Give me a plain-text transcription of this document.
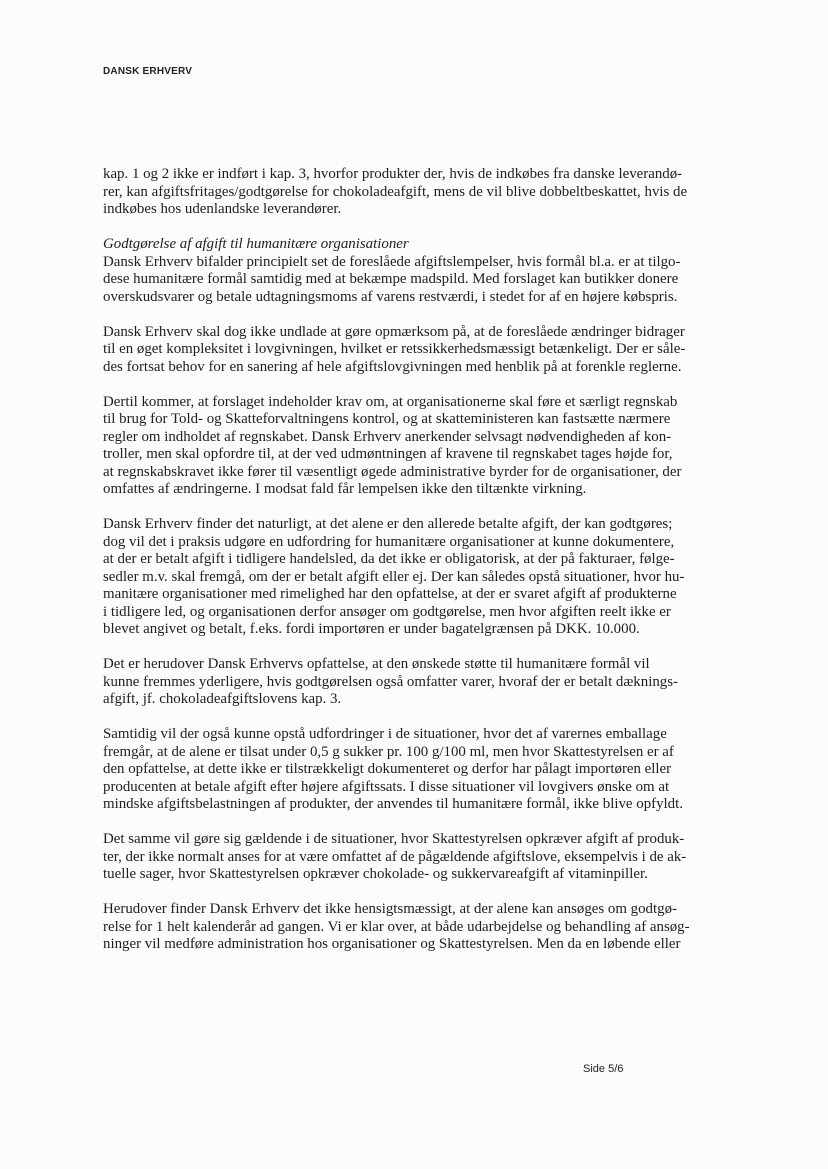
DANSK ERHVERV

kap. 1 og 2 ikke er indført i kap. 3, hvorfor produkter der, hvis de indkøbes fra danske leverandø-
rer, kan afgiftsfritages/godtgørelse for chokoladeafgift, mens de vil blive dobbeltbeskattet, hvis de
indkøbes hos udenlandske leverandører.

Godtgørelse af afgift til humanitære organisationer
Dansk Erhverv bifalder principielt set de foreslåede afgiftslempelser, hvis formål bl.a. er at tilgo-
dese humanitære formål samtidig med at bekæmpe madspild. Med forslaget kan butikker donere
overskudsvarer og betale udtagningsmoms af varens restværdi, i stedet for af en højere købspris.

Dansk Erhverv skal dog ikke undlade at gøre opmærksom på, at de foreslåede ændringer bidrager
til en øget kompleksitet i lovgivningen, hvilket er retssikkerhedsmæssigt betænkeligt. Der er såle-
des fortsat behov for en sanering af hele afgiftslovgivningen med henblik på at forenkle reglerne.

Dertil kommer, at forslaget indeholder krav om, at organisationerne skal føre et særligt regnskab
til brug for Told- og Skatteforvaltningens kontrol, og at skatteministeren kan fastsætte nærmere
regler om indholdet af regnskabet. Dansk Erhverv anerkender selvsagt nødvendigheden af kon-
troller, men skal opfordre til, at der ved udmøntningen af kravene til regnskabet tages højde for,
at regnskabskravet ikke fører til væsentligt øgede administrative byrder for de organisationer, der
omfattes af ændringerne. I modsat fald får lempelsen ikke den tiltænkte virkning.

Dansk Erhverv finder det naturligt, at det alene er den allerede betalte afgift, der kan godtgøres;
dog vil det i praksis udgøre en udfordring for humanitære organisationer at kunne dokumentere,
at der er betalt afgift i tidligere handelsled, da det ikke er obligatorisk, at der på fakturaer, følge-
sedler m.v. skal fremgå, om der er betalt afgift eller ej. Der kan således opstå situationer, hvor hu-
manitære organisationer med rimelighed har den opfattelse, at der er svaret afgift af produkterne
i tidligere led, og organisationen derfor ansøger om godtgørelse, men hvor afgiften reelt ikke er
blevet angivet og betalt, f.eks. fordi importøren er under bagatelgrænsen på DKK. 10.000.

Det er herudover Dansk Erhvervs opfattelse, at den ønskede støtte til humanitære formål vil
kunne fremmes yderligere, hvis godtgørelsen også omfatter varer, hvoraf der er betalt dæknings-
afgift, jf. chokoladeafgiftslovens kap. 3.

Samtidig vil der også kunne opstå udfordringer i de situationer, hvor det af varernes emballage
fremgår, at de alene er tilsat under 0,5 g sukker pr. 100 g/100 ml, men hvor Skattestyrelsen er af
den opfattelse, at dette ikke er tilstrækkeligt dokumenteret og derfor har pålagt importøren eller
producenten at betale afgift efter højere afgiftssats. I disse situationer vil lovgivers ønske om at
mindske afgiftsbelastningen af produkter, der anvendes til humanitære formål, ikke blive opfyldt.

Det samme vil gøre sig gældende i de situationer, hvor Skattestyrelsen opkræver afgift af produk-
ter, der ikke normalt anses for at være omfattet af de pågældende afgiftslove, eksempelvis i de ak-
tuelle sager, hvor Skattestyrelsen opkræver chokolade- og sukkervareafgift af vitaminpiller.

Herudover finder Dansk Erhverv det ikke hensigtsmæssigt, at der alene kan ansøges om godtgø-
relse for 1 helt kalenderår ad gangen. Vi er klar over, at både udarbejdelse og behandling af ansøg-
ninger vil medføre administration hos organisationer og Skattestyrelsen. Men da en løbende eller

Side 5/6
